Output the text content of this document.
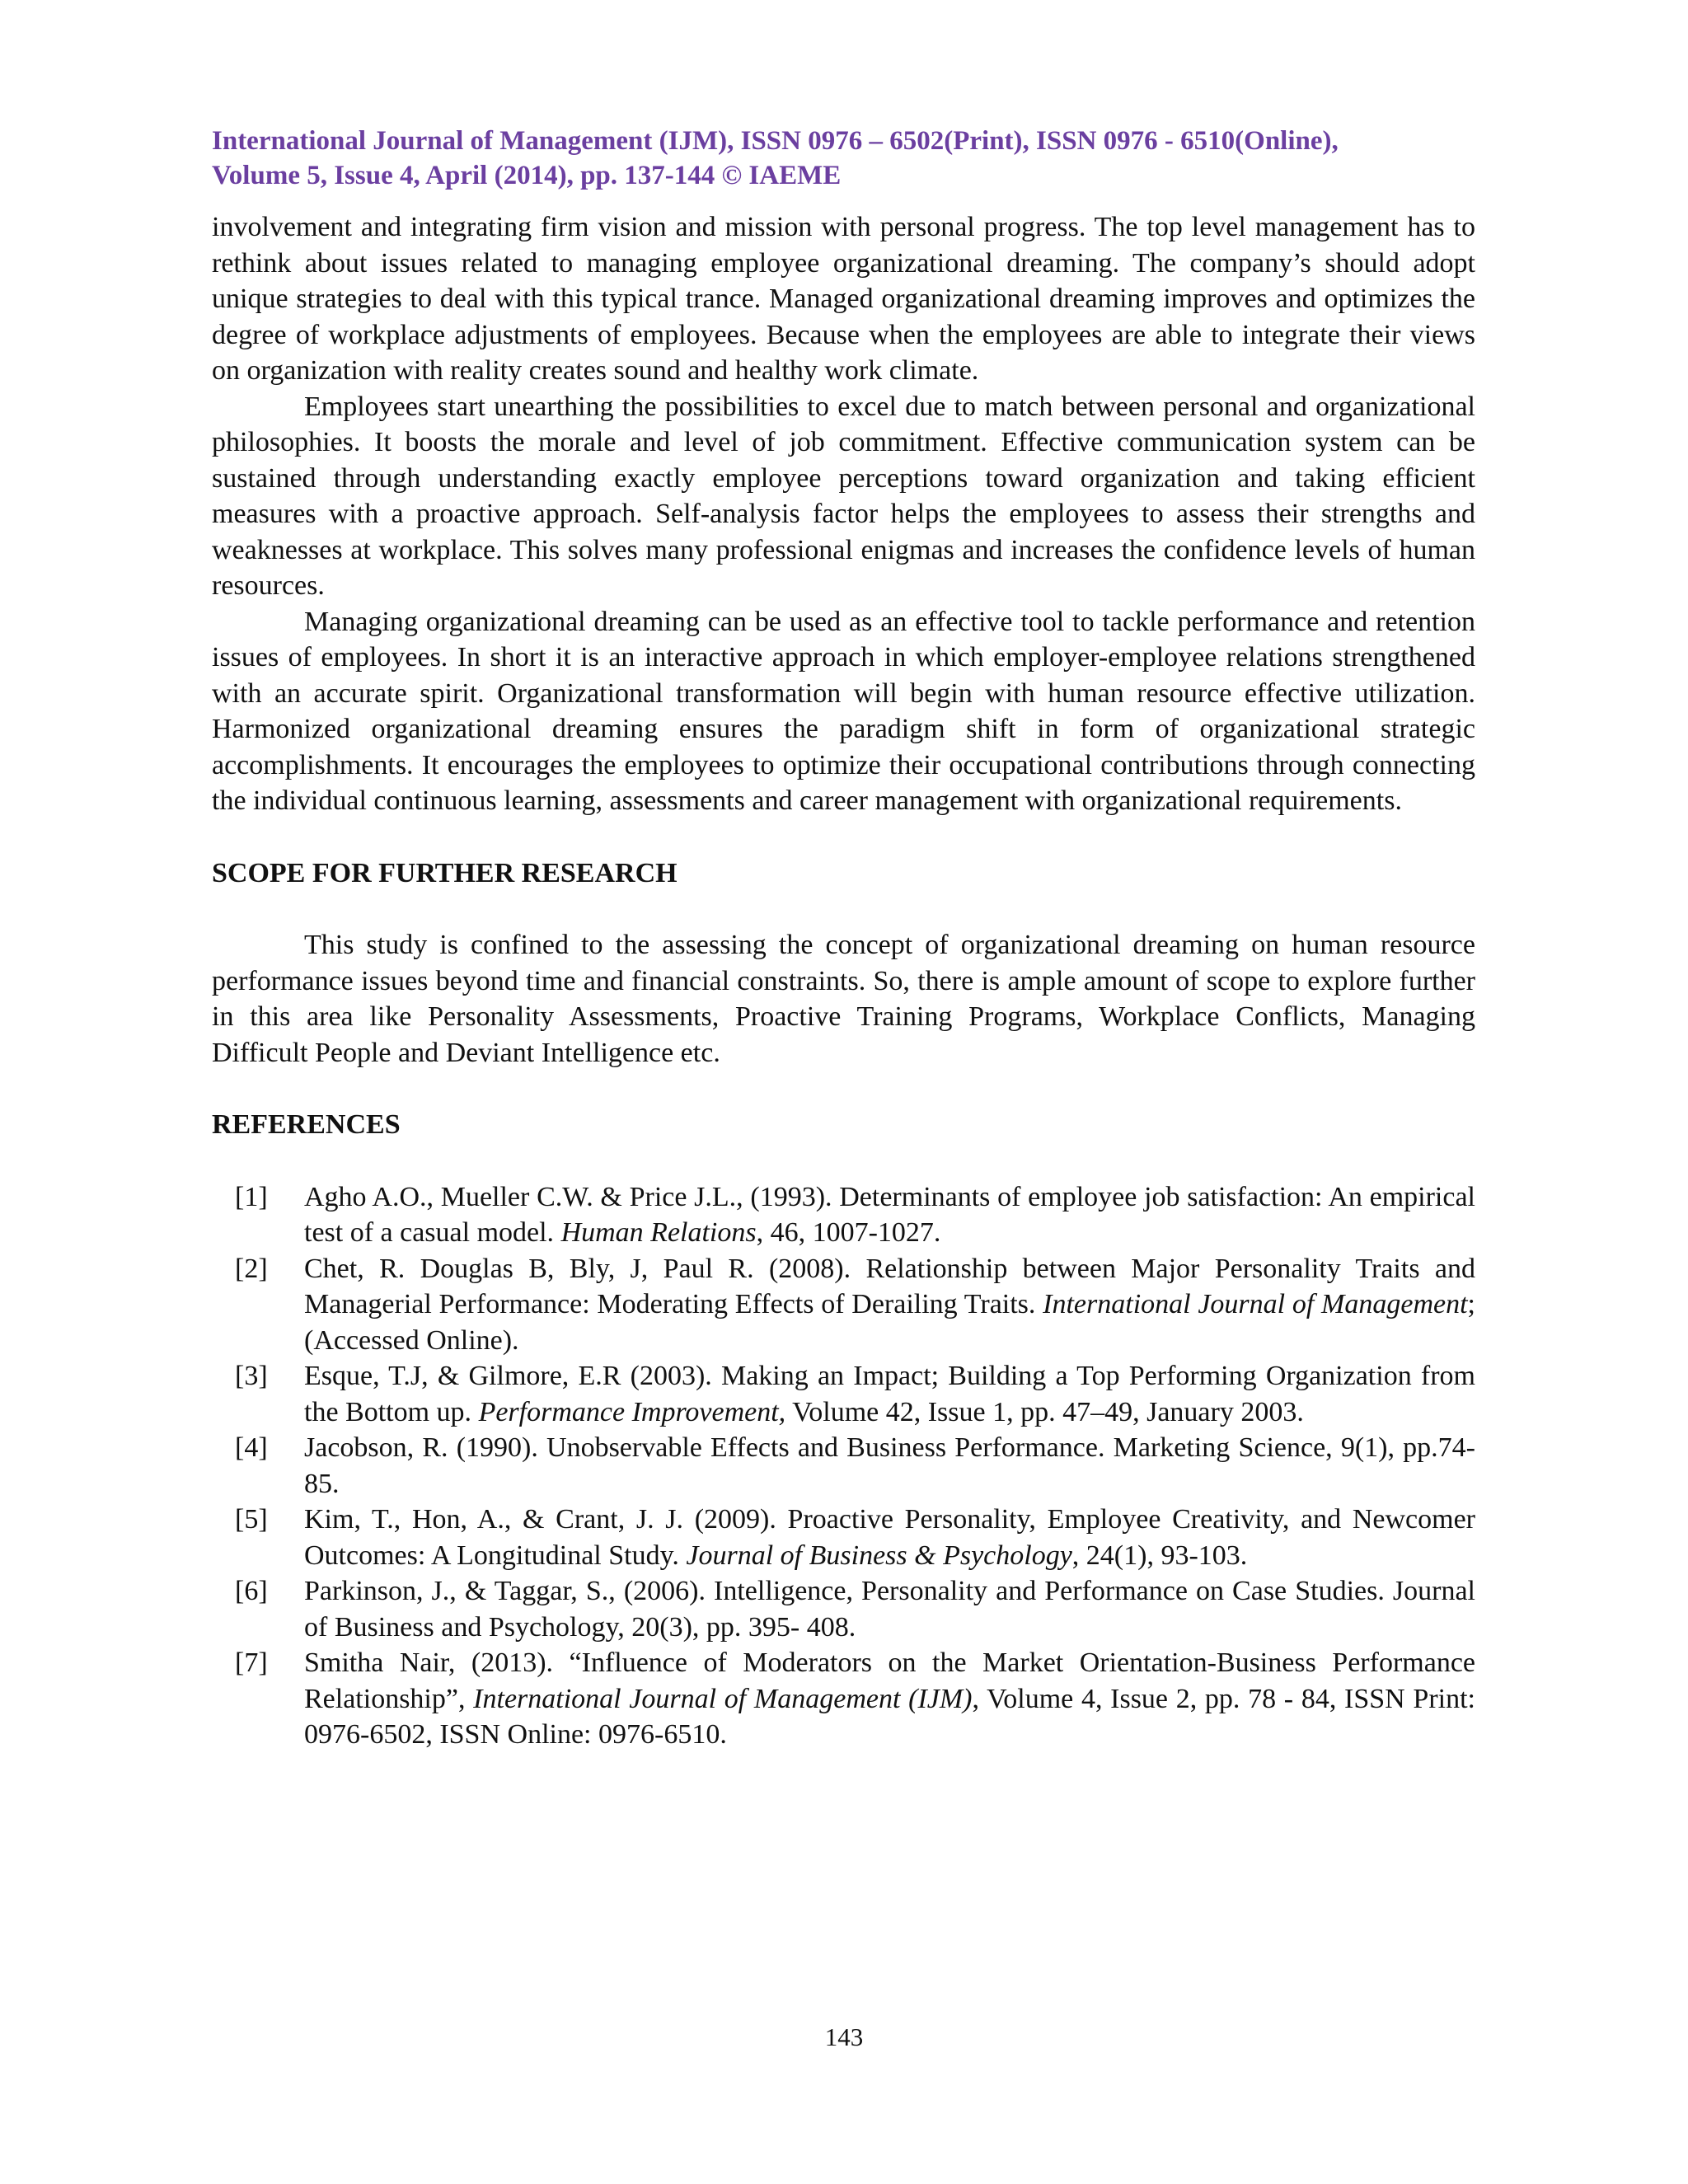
International Journal of Management (IJM), ISSN 0976 – 6502(Print), ISSN 0976 - 6510(Online),
Volume 5, Issue 4, April (2014), pp. 137-144 © IAEME

involvement and integrating firm vision and mission with personal progress. The top level management has to rethink about issues related to managing employee organizational dreaming. The company’s should adopt unique strategies to deal with this typical trance. Managed organizational dreaming improves and optimizes the degree of workplace adjustments of employees. Because when the employees are able to integrate their views on organization with reality creates sound and healthy work climate.

Employees start unearthing the possibilities to excel due to match between personal and organizational philosophies. It boosts the morale and level of job commitment. Effective communication system can be sustained through understanding exactly employee perceptions toward organization and taking efficient measures with a proactive approach. Self-analysis factor helps the employees to assess their strengths and weaknesses at workplace. This solves many professional enigmas and increases the confidence levels of human resources.

Managing organizational dreaming can be used as an effective tool to tackle performance and retention issues of employees. In short it is an interactive approach in which employer-employee relations strengthened with an accurate spirit. Organizational transformation will begin with human resource effective utilization. Harmonized organizational dreaming ensures the paradigm shift in form of organizational strategic accomplishments. It encourages the employees to optimize their occupational contributions through connecting the individual continuous learning, assessments and career management with organizational requirements.

SCOPE FOR FURTHER RESEARCH

This study is confined to the assessing the concept of organizational dreaming on human resource performance issues beyond time and financial constraints. So, there is ample amount of scope to explore further in this area like Personality Assessments, Proactive Training Programs, Workplace Conflicts, Managing Difficult People and Deviant Intelligence etc.

REFERENCES
[1] Agho A.O., Mueller C.W. & Price J.L., (1993). Determinants of employee job satisfaction: An empirical test of a casual model. Human Relations, 46, 1007-1027.
[2] Chet, R. Douglas B, Bly, J, Paul R. (2008). Relationship between Major Personality Traits and Managerial Performance: Moderating Effects of Derailing Traits. International Journal of Management; (Accessed Online).
[3] Esque, T.J, & Gilmore, E.R (2003). Making an Impact; Building a Top Performing Organization from the Bottom up. Performance Improvement, Volume 42, Issue 1, pp. 47–49, January 2003.
[4] Jacobson, R. (1990). Unobservable Effects and Business Performance. Marketing Science, 9(1), pp.74-85.
[5] Kim, T., Hon, A., & Crant, J. J. (2009). Proactive Personality, Employee Creativity, and Newcomer Outcomes: A Longitudinal Study. Journal of Business & Psychology, 24(1), 93-103.
[6] Parkinson, J., & Taggar, S., (2006). Intelligence, Personality and Performance on Case Studies. Journal of Business and Psychology, 20(3), pp. 395- 408.
[7] Smitha Nair, (2013). “Influence of Moderators on the Market Orientation-Business Performance Relationship”, International Journal of Management (IJM), Volume 4, Issue 2, pp. 78 - 84, ISSN Print: 0976-6502, ISSN Online: 0976-6510.
143
